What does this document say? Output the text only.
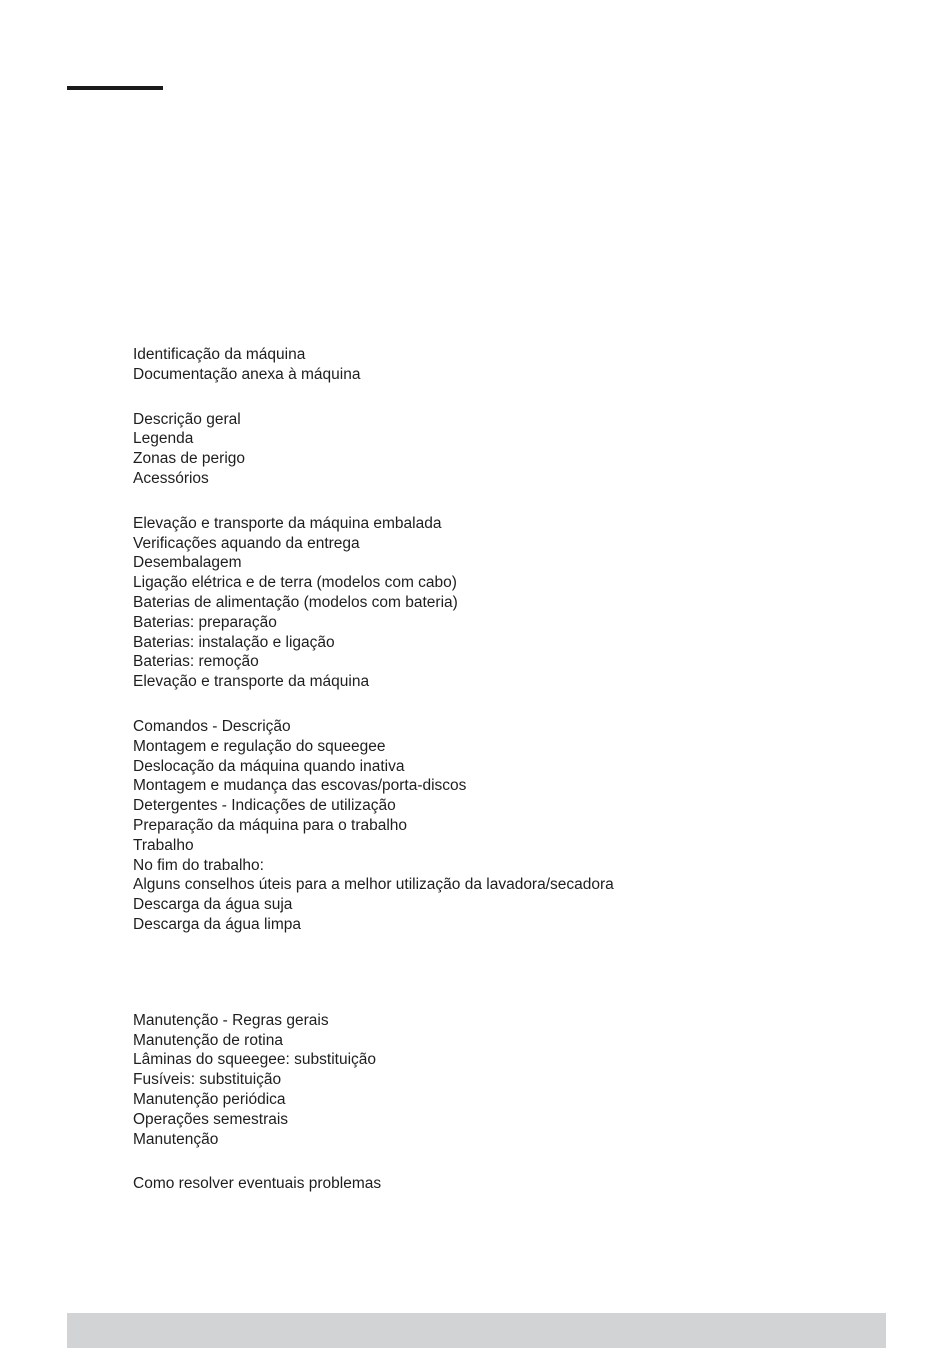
Identificação da máquina
Documentação anexa à máquina
Descrição geral
Legenda
Zonas de perigo
Acessórios
Elevação e transporte da máquina embalada
Verificações aquando da entrega
Desembalagem
Ligação elétrica e de terra (modelos com cabo)
Baterias de alimentação (modelos com bateria)
Baterias: preparação
Baterias: instalação e ligação
Baterias: remoção
Elevação e transporte da máquina
Comandos - Descrição
Montagem e regulação do squeegee
Deslocação da máquina quando inativa
Montagem e mudança das escovas/porta-discos
Detergentes - Indicações de utilização
Preparação da máquina para o trabalho
Trabalho
No fim do trabalho:
Alguns conselhos úteis para a melhor utilização da lavadora/secadora
Descarga da água suja
Descarga da água limpa
Manutenção - Regras gerais
Manutenção de rotina
Lâminas do squeegee: substituição
Fusíveis: substituição
Manutenção periódica
Operações semestrais
Manutenção
Como resolver eventuais problemas
